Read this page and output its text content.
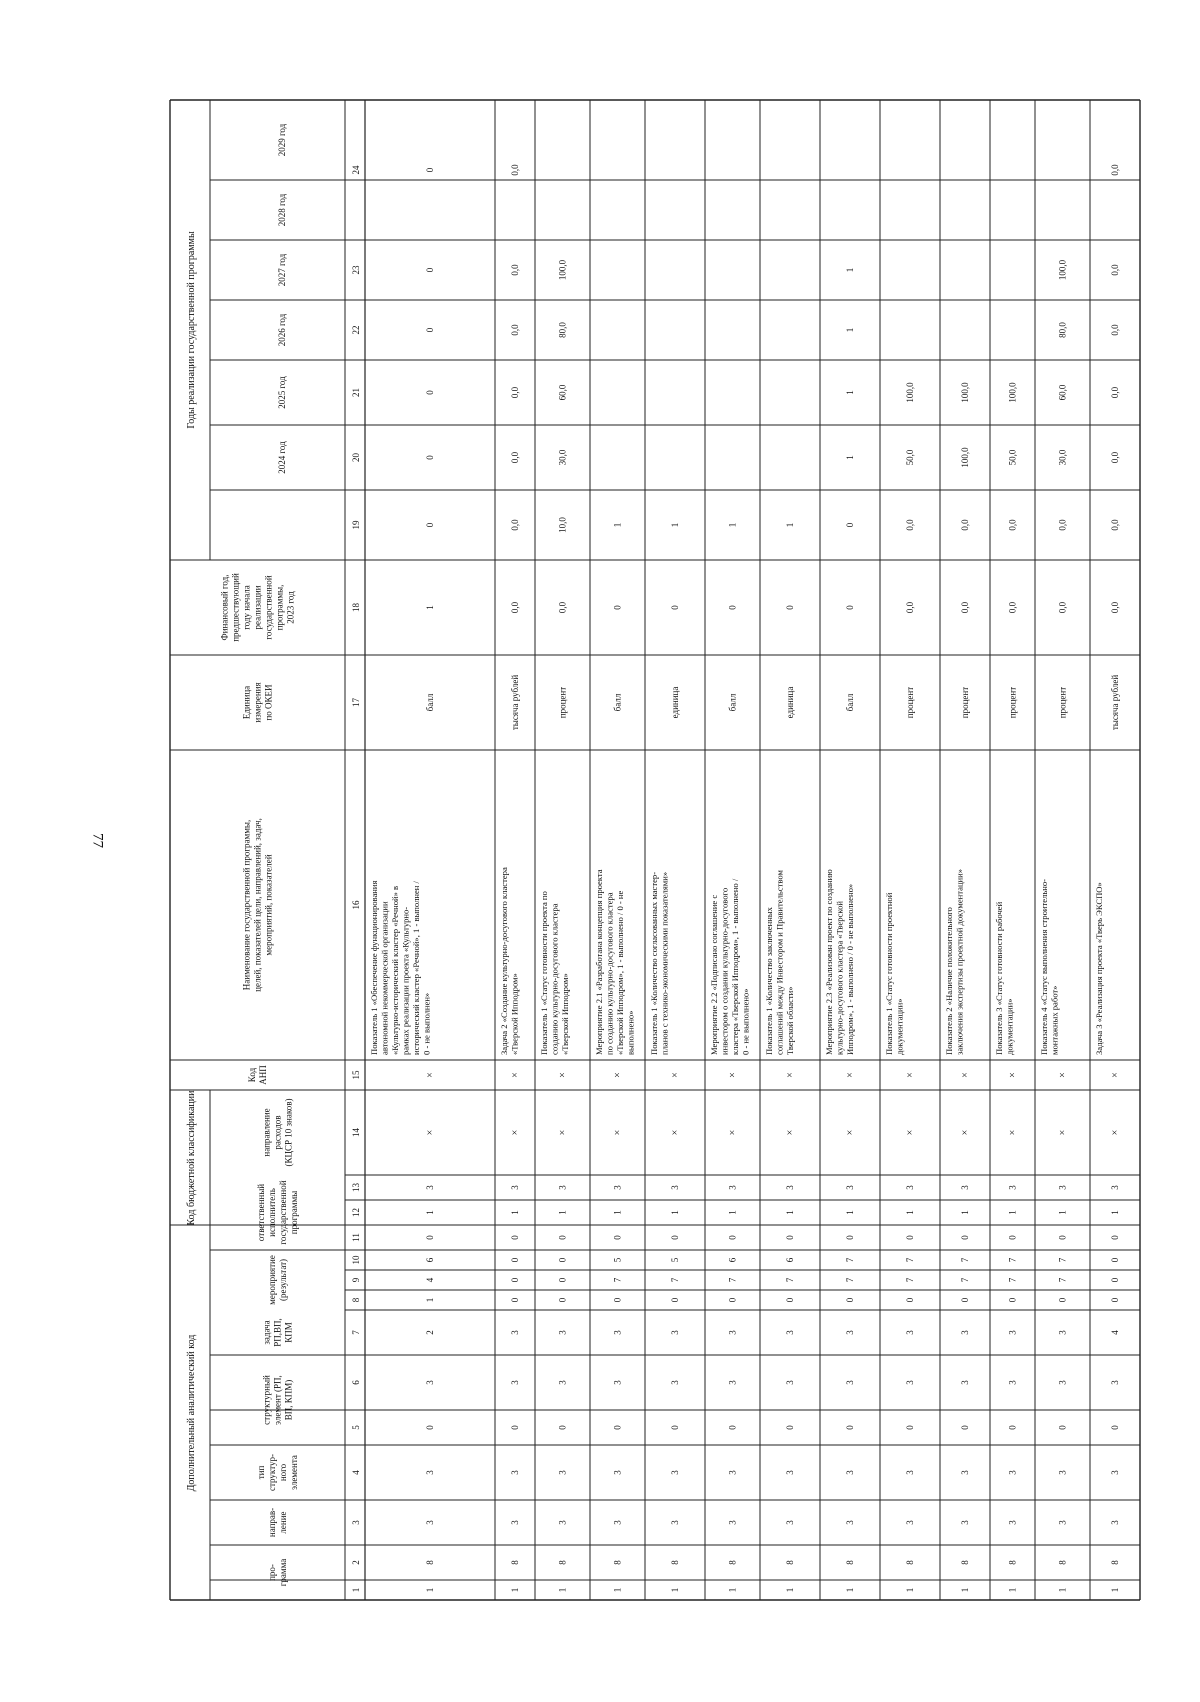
77
Дополнительный аналитический код
Код бюджетной классификации
Годы реализации государственной программы
про- грамма
направ- ление
тип структур- ного элемента
структурный элемент (РП, ВП, КПМ)
задача РП,ВП, КПМ
мероприятие (результат)
ответственный исполнитель государственной программы
направление расходов (КЦСР 10 знаков)
Код АНП
Наименование государственной программы, целей, показателей цели, направлений, задач, мероприятий, показателей
Единица измерения по ОКЕИ
Финансовый год, предшествующий году начала реализации государственной программы, 2023 год
2024 год
2025 год
2026 год
2027 год
2028 год
2029 год
1
2
3
4
5
6
7
8
9
10
11
12
13
14
15
16
17
18
19
20
21
22
23
24
1
8
3
3
0
3
2
1
4
6
0
1
3
×
×
Показатель 1 «Обеспечение функционирования автономной некоммерческой организации «Культурно-исторический кластер «Речной» в рамках реализации проекта «Культурно- исторический кластер «Речной», 1 - выполнен / 0 - не выполнен»
балл
1
0
0
0
0
0
0
1
8
3
3
0
3
3
0
0
0
0
1
3
×
×
Задача 2 «Создание культурно-досугового кластера «Тверской Ипподром»
тысяча рублей
0,0
0,0
0,0
0,0
0,0
0,0
0,0
1
8
3
3
0
3
3
0
0
0
0
1
3
×
×
Показатель 1 «Статус готовности проекта по созданию культурно-досугового кластера «Тверской Ипподром»
процент
0,0
10,0
30,0
60,0
80,0
100,0
1
8
3
3
0
3
3
0
7
5
0
1
3
×
×
Мероприятие 2.1 «Разработана концепция проекта по созданию культурно-досугового кластера «Тверской Ипподром», 1 - выполнено / 0 - не выполнено»
балл
0
1
1
8
3
3
0
3
3
0
7
5
0
1
3
×
×
Показатель 1 «Количество согласованных мастер- планов с технико-экономическими показателями»
единица
0
1
1
8
3
3
0
3
3
0
7
6
0
1
3
×
×
Мероприятие 2.2 «Подписано соглашение с инвестором о создании культурно-досугового кластера «Тверской Ипподром», 1 - выполнено / 0 - не выполнено»
балл
0
1
1
8
3
3
0
3
3
0
7
6
0
1
3
×
×
Показатель 1 «Количество заключенных соглашений между Инвестором и Правительством Тверской области»
единица
0
1
1
8
3
3
0
3
3
0
7
7
0
1
3
×
×
Мероприятие 2.3 «Реализован проект по созданию культурно-досугового кластера «Тверской Ипподром», 1 - выполнено / 0 - не выполнено»
балл
0
0
1
1
1
1
1
8
3
3
0
3
3
0
7
7
0
1
3
×
×
Показатель 1 «Статус готовности проектной документации»
процент
0,0
0,0
50,0
100,0
1
8
3
3
0
3
3
0
7
7
0
1
3
×
×
Показатель 2 «Наличие положительного заключения экспертизы проектной документации»
процент
0,0
0,0
100,0
100,0
1
8
3
3
0
3
3
0
7
7
0
1
3
×
×
Показатель 3 «Статус готовности рабочей документации»
процент
0,0
0,0
50,0
100,0
1
8
3
3
0
3
3
0
7
7
0
1
3
×
×
Показатель 4 «Статус выполнения строительно- монтажных работ»
процент
0,0
0,0
30,0
60,0
80,0
100,0
1
8
3
3
0
3
4
0
0
0
0
1
3
×
×
Задача 3 «Реализация проекта «Тверь ЭКСПО»
тысяча рублей
0,0
0,0
0,0
0,0
0,0
0,0
0,0
